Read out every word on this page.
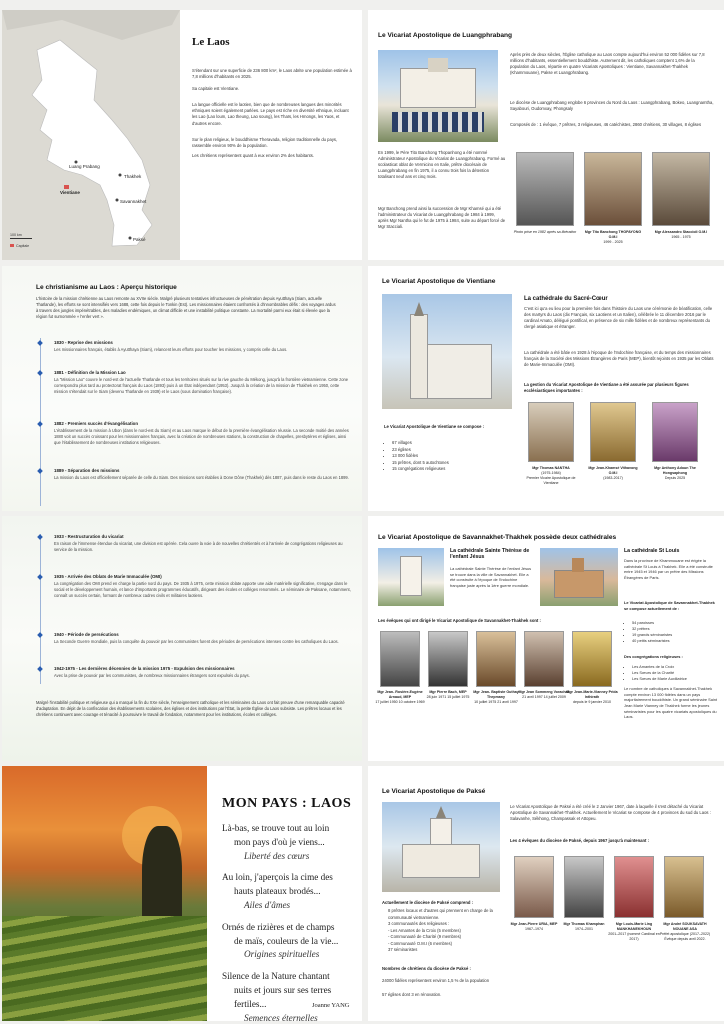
Luang Prabang
Vientiane
Thakhek
Savannakhet
Paksé
100 km
Capitale
Le Laos

S'étendant sur une superficie de 236 800 km², le Laos abrite une population estimée à 7,8 millions d'habitants en 2025.

Sa capitale est Vientiane.

La langue officielle est le laotien, bien que de nombreuses langues des minorités ethniques soient également parlées. Le pays est riche en diversité ethnique, incluant les Lao (Lao loum, Lao theung, Lao soung), les Thaïs, les Hmongs, les Yaos, et d'autres encore.

Sur le plan religieux, le bouddhisme Theravada, religion traditionnelle du pays, rassemble environ 90% de la population.

Les chrétiens représentent quant à eux environ 2% des habitants.

Le Vicariat Apostolique de Luangphrabang
Après près de deux siècles, l'Église catholique au Laos compte aujourd'hui environ 52 000 fidèles sur 7,8 millions d'habitants, essentiellement bouddhiste. Autrement dit, les catholiques comptent 1,6% de la population du Laos, répartie en quatre Vicariats Apostoliques : Vientiane, Savannakhet-Thakhek (Khammouane), Pakse et Luangphrabang.
Le diocèse de Luangphrabang englobe 6 provinces du Nord du Laos : Luangphrabang, Bokeo, Luangnamtha, Sayabouri, Oudomxay, Phongsaly
Composés de : 1 évêque, 7 prêtres, 3 religieuses, 46 catéchistes, 2860 chrétiens, 30 villages, 8 églises
En 1999, le Père Tito Banchong Thopanhong a été nommé Administrateur Apostolique du Vicariat de Luangphrabang. Formé au scolasticat oblat de Vermicino en Italie, prêtre diocésain de Luangphrabang en fin 1975, il a connu trois fois la détention totalisant neuf ans et cinq mois.
Mgr Banchong prend ainsi la succession de Mgr Khamsé qui a été l'administrateur du Vicariat de Luangphrabang de 1984 à 1999, après Mgr Nantha qui le fut de 1975 à 1984, suite au départ forcé de Mgr Stacciali.
Photo prise en 1982 après sa libération	Mgr Tito Banchong THOPAYONG O.M.I
1999 - 2025
Mgr Alessandro Staccioli O.M.I
1965 - 1975
Le christianisme au Laos : Aperçu historique
L'histoire de la mission chrétienne au Laos remonte au XVIIe siècle. Malgré plusieurs tentatives infructueuses de pénétration depuis Ayutthaya (Siam, actuelle Thaïlande), les efforts se sont intensifiés vers 1688, cette fois depuis le Tonkin (Est). Les missionnaires étaient confrontés à d'innombrables défis : des voyages ardus à travers des jungles impénétrables, des maladies endémiques, un climat difficile et une instabilité politique constante. La mortalité parmi eux était si élevée que la région fut surnommée « l'enfer vert ».
1830 - Reprise des missions
Les missionnaires français, établis à Ayutthaya (Siam), relancent leurs efforts pour toucher les missions, y compris celle du Laos.
1881 - Définition de la Mission Lao
La "Mission Lao" couvre le nord-est de l'actuelle Thaïlande et tous les territoires situés sur la rive gauche du Mékong, jusqu'à la frontière vietnamienne. Cette zone correspondra plus tard au protectorat français du Laos (1893) puis à un État indépendant (1953). Jusqu'à la création de la mission de Thakhek en 1950, cette mission s'étendait sur le Siam (devenu Thaïlande en 1939) et le Laos (sous domination française).
1882 - Premiers succès d'évangélisation
L'établissement de la mission à Ubon (dans le nord-est du Siam) et au Laos marque le début de la première évangélisation réussie. La seconde moitié des années 1880 voit un succès croissant pour les missionnaires français, avec la création de nombreuses stations, la construction de chapelles, presbytères et églises, ainsi que l'établissement de nombreuses institutions religieuses.
1889 - Séparation des missions
La mission du Laos est officiellement séparée de celle du Siam. Des missions sont établies à Done Dône (Thakhek) dès 1887, puis dans le reste du Laos en 1899.
Le Vicariat Apostolique de Vientiane
La cathédrale du Sacré-Cœur
C'est ici qu'a eu lieu pour la première fois dans l'histoire du Laos une cérémonie de béatification, celle des martyrs du Laos (dix Français, six Laotiens et un Italien), célébrée le 11 décembre 2016 par le cardinal Amato, délégué pontifical, en présence de six mille fidèles et de nombreux représentants du clergé asiatique et étranger.
La cathédrale a été bâtie en 1928 à l'époque de l'Indochine française, et du temps des missionnaires français de la Société des Missions Étrangères de Paris (MEP), bientôt rejoints en 1935 par les Oblats de Marie-Immaculée (OMI).
La gestion du Vicariat Apostolique de Vientiane a été assurée par plusieurs figures ecclésiastiques importantes :
Le Vicariat Apostolique de Vientiane se compose :
• 67 villages
• 23 églises
• 13 000 fidèles
• 15 prêtres, dont 5 autochtones
• 15 congrégations religieuses	Mgr Thomas NANTHA
(1975-1984)
Premier Vicaire Apostolique de Vientiane
Mgr Jean-Khamsé Vithavong O.M.I
(1983-2017)
Mgr Anthony Adoun The Hongsaphong
Depuis 2025
1933 - Restructuration du vicariat
En raison de l'immense étendue du vicariat, une division est opérée. Cela ouvre la voie à de nouvelles chrétientés et à l'arrivée de congrégations religieuses au service de la mission.
1935 - Arrivée des Oblats de Marie Immaculée (OMI)
La congrégation des OMI prend en charge la partie nord du pays. De 1935 à 1975, cette mission oblate apporte une aide matérielle significative, s'engage dans le social et le développement humain, et lance d'importants programmes éducatifs, dirigeant des écoles et collèges renommés. Le séminaire de Paksane, notamment, connaît un succès certain, formant de nombreux cadres civils et militaires laotiens.
1940 - Période de persécutions
La Seconde Guerre mondiale, puis la conquête du pouvoir par les communistes furent des périodes de persécutions intenses contre les catholiques du Laos.
1942-1975 - Les dernières décennies de la mission 1975 - Expulsion des missionnaires
Avec la prise de pouvoir par les communistes, de nombreux missionnaires étrangers sont expulsés du pays.
Malgré l'instabilité politique et religieuse qui a marqué la fin du XXe siècle, l'enseignement catholique et les séminaires du Laos ont fait preuve d'une remarquable capacité d'adaptation. En dépit de la confiscation des établissements scolaires, des églises et des institutions par l'État, la petite Église du Laos subsiste. Les prêtres locaux et les chrétiens continuent avec courage et ténacité à poursuivre le travail de fondation, notamment pour les institutions, écoles et collèges.
Le Vicariat Apostolique de Savannakhet-Thakhek possède deux cathédrales
La cathédrale Sainte Thérèse de l'enfant Jésus
La cathédrale Sainte Thérèse de l'enfant Jésus se trouve dans la ville de Savannakhet. Elle a été construite à l'époque de l'Indochine française juste après la 1ère guerre mondiale.
La cathédrale St Louis
Dans la province de Khammouane est érigée la cathédrale St Louis à Thakhek. Elle a été construite entre 1945 et 1946 par un prêtre des Missions Étrangères de Paris.
Les évêques qui ont dirigé le Vicariat Apostolique de Savannakhet-Thakhek sont :
Mgr Jean- Rosière-Eugène Arnaud, MEP
17 juillet 1950 10 octobre 1969
Mgr Pierre Bach, MEP
28 juin 1971 15 juillet 1975
Mgr Jean- Baptiste Outhay Thepmany
10 juillet 1975 21 avril 1997
Mgr Jean Sommeng Vorachak
21 avril 1997 14 juillet 2009
Mgr Jean-Marie-Vianney Prida Inthirath
depuis le 9 janvier 2010
Le Vicariat Apostolique de Savannakhet-Thakhek se compose actuellement de :
• 54 paroisses
• 32 prêtres
• 19 grands séminaristes
• 40 petits séminaristes
Des congrégations religieuses :
• Les Amantes de la Croix
• Les Sœurs de la Charité
• Les Sœurs de Marie Auxiliatrice
Le nombre de catholiques à Savannakhet-Thakhek compte environ 13 000 fidèles dans un pays majoritairement bouddhiste. Un grand séminaire Saint Jean Marie Vianney de Thakhek forme les jeunes séminaristes pour les quatre vicariats apostoliques du Laos.
MON PAYS : LAOS
Là-bas, se trouve tout au loin
mon pays d'où je viens...
Liberté des cœurs
Au loin, j'aperçois la cime des
hauts plateaux brodés...
Ailes d'âmes
Ornés de rizières et de champs
de maïs, couleurs de la vie...
Origines spirituelles
Silence de la Nature chantant
nuits et jours sur ses terres fertiles...
Semences éternelles
Joanne YANG
Le Vicariat Apostolique de Paksé
Le Vicariat Apostolique de Paksé a été créé le 2 Janvier 1967, date à laquelle il s'est détaché du Vicariat Apostolique de Savannakhet-Thakhek. Actuellement le Vicariat se compose de 4 provinces du sud du Laos : Salavanhe, Sékhong, Champassak et Attopeu.
Les 4 évêques du diocèse de Paksé, depuis 1967 jusqu'à maintenant :
Actuellement le diocèse de Paksé comprend :
8 prêtres locaux et d'autres qui prennent en charge de la communauté vietnamienne.
3 communautés des religieuses :
- Les Amantes de la Croix (5 membres)
- Communauté de Charité (9 membres)
- Communauté O.M.I (6 membres)
37 séminaristes
Nombres de chrétiens du diocèse de Paksé :
24000 fidèles représentent environ 1,5 % de la population
57 églises dont 3 en rénovation.
Mgr Jean-Pierre URIA, MEP
1967–1974
Mgr Thomas Khamphan
1974–2001
Mgr Louis-Marie Ling MANKHANEKHOUN
2001–2017 (nommé Cardinal en 2017)
Mgr André SOUKSAVATH NOUANE ASA
Préfet apostolique (2017–2022) Évêque depuis avril 2022.
